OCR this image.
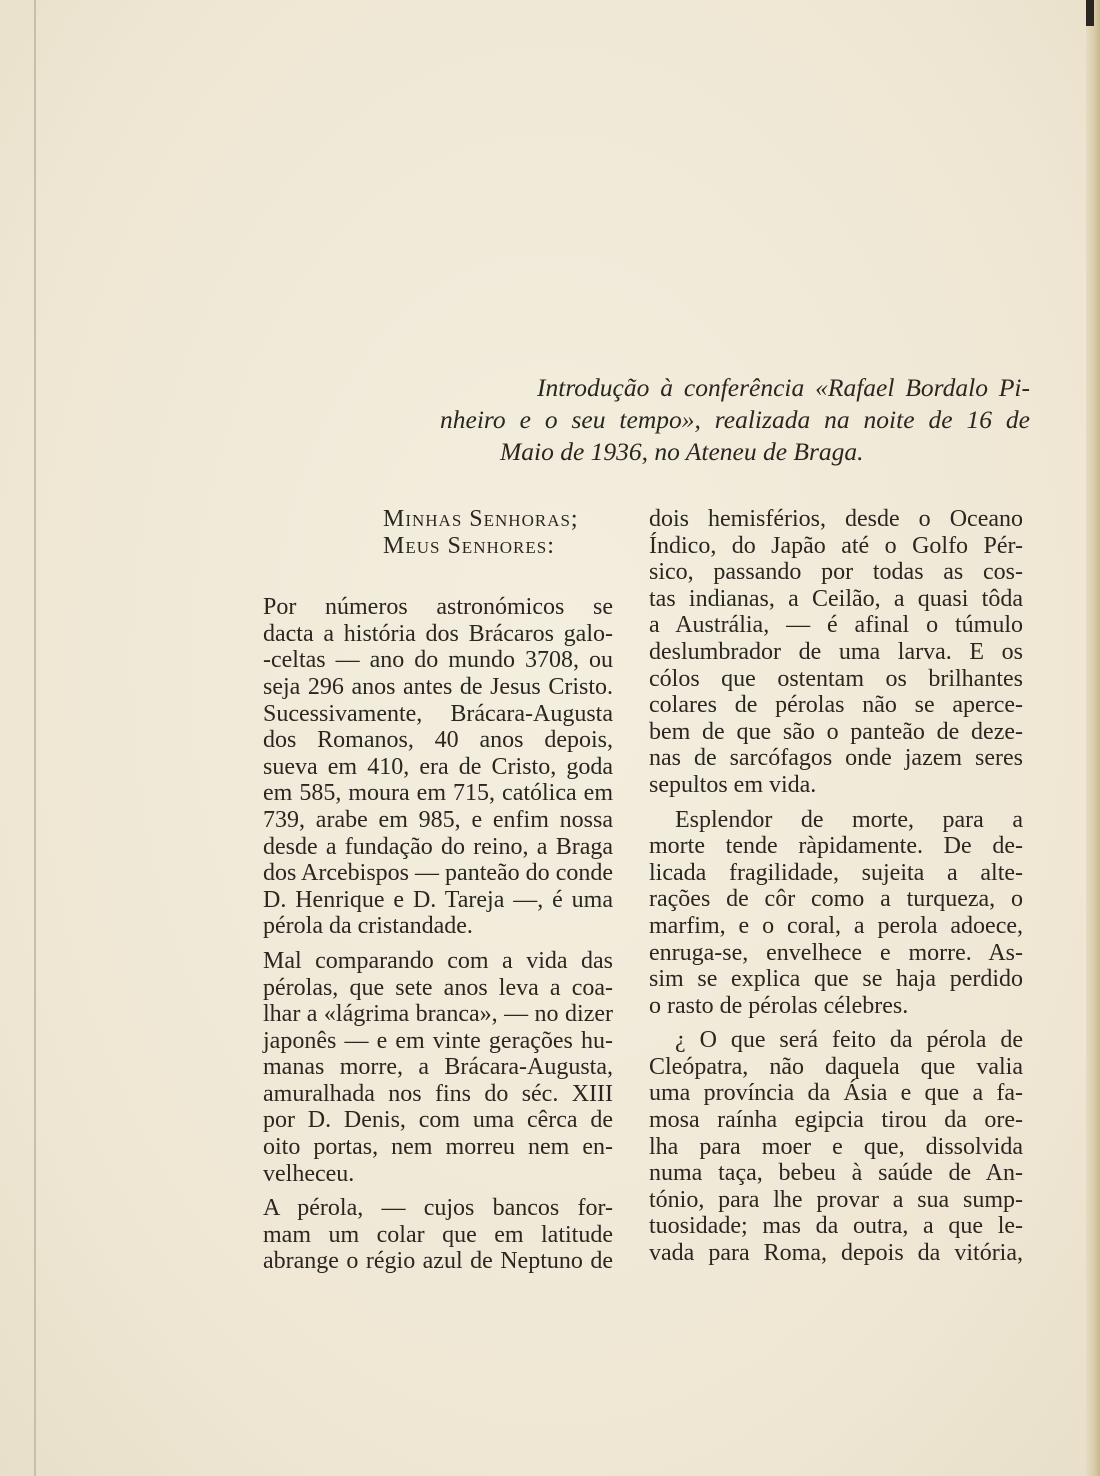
Introdução à conferência «Rafael Bordalo Pi-
nheiro e o seu tempo», realizada na noite de 16 de
Maio de 1936, no Ateneu de Braga.
Minhas Senhoras;
Meus Senhores:
Por números astronómicos se
dacta a história dos Brácaros galo-
-celtas — ano do mundo 3708, ou
seja 296 anos antes de Jesus Cristo.
Sucessivamente, Brácara-Augusta
dos Romanos, 40 anos depois,
sueva em 410, era de Cristo, goda
em 585, moura em 715, católica em
739, arabe em 985, e enfim nossa
desde a fundação do reino, a Braga
dos Arcebispos — panteão do conde
D. Henrique e D. Tareja —, é uma
pérola da cristandade.
Mal comparando com a vida das
pérolas, que sete anos leva a coa-
lhar a «lágrima branca», — no dizer
japonês — e em vinte gerações hu-
manas morre, a Brácara-Augusta,
amuralhada nos fins do séc. XIII
por D. Denis, com uma cêrca de
oito portas, nem morreu nem en-
velheceu.
A pérola, — cujos bancos for-
mam um colar que em latitude
abrange o régio azul de Neptuno de
dois hemisférios, desde o Oceano
Índico, do Japão até o Golfo Pér-
sico, passando por todas as cos-
tas indianas, a Ceilão, a quasi tôda
a Austrália, — é afinal o túmulo
deslumbrador de uma larva. E os
cólos que ostentam os brilhantes
colares de pérolas não se aperce-
bem de que são o panteão de deze-
nas de sarcófagos onde jazem seres
sepultos em vida.
Esplendor de morte, para a
morte tende ràpidamente. De de-
licada fragilidade, sujeita a alte-
rações de côr como a turqueza, o
marfim, e o coral, a perola adoece,
enruga-se, envelhece e morre. As-
sim se explica que se haja perdido
o rasto de pérolas célebres.
¿ O que será feito da pérola de
Cleópatra, não daquela que valia
uma província da Ásia e que a fa-
mosa raínha egipcia tirou da ore-
lha para moer e que, dissolvida
numa taça, bebeu à saúde de An-
tónio, para lhe provar a sua sump-
tuosidade; mas da outra, a que le-
vada para Roma, depois da vitória,
